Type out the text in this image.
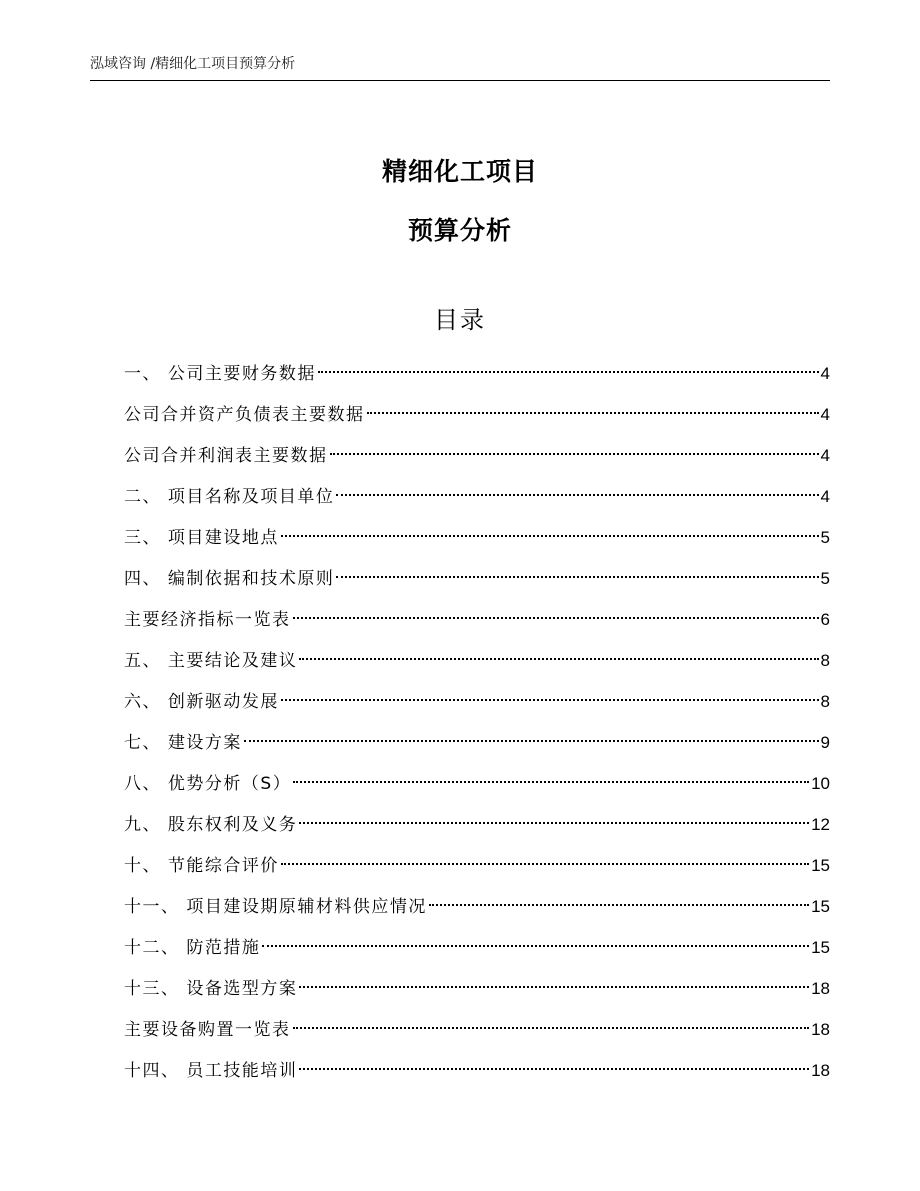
泓域咨询 /精细化工项目预算分析
精细化工项目
预算分析
目录
一、 公司主要财务数据	4
公司合并资产负债表主要数据	4
公司合并利润表主要数据	4
二、 项目名称及项目单位	4
三、 项目建设地点	5
四、 编制依据和技术原则	5
主要经济指标一览表	6
五、 主要结论及建议	8
六、 创新驱动发展	8
七、 建设方案	9
八、 优势分析（S）	10
九、 股东权利及义务	12
十、 节能综合评价	15
十一、 项目建设期原辅材料供应情况	15
十二、 防范措施	15
十三、 设备选型方案	18
主要设备购置一览表	18
十四、 员工技能培训	18
